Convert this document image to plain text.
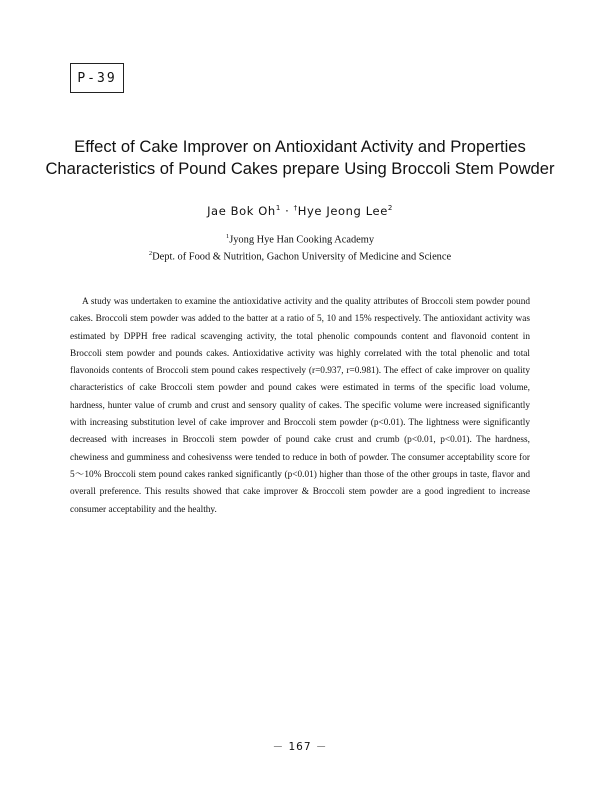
P-39
Effect of Cake Improver on Antioxidant Activity and Properties
Characteristics of Pound Cakes prepare Using Broccoli Stem Powder
Jae Bok $Oh^1 \cdot ^\dagger Hye$ Jeong Lee$^2$
$^1$Jyong Hye Han Cooking Academy
$^2$Dept. of Food & Nutrition, Gachon University of Medicine and Science

A study was undertaken to examine the antioxidative activity and the quality attributes of Broccoli stem powder pound cakes. Broccoli stem powder was added to the batter at a ratio of 5, 10 and 15% respectively. The antioxidant activity was estimated by DPPH free radical scavenging activity, the total phenolic compounds content and flavonoid content in Broccoli stem powder and pounds cakes. Antioxidative activity was highly correlated with the total phenolic and total flavonoids contents of Broccoli stem pound cakes respectively (r=0.937, r=0.981). The effect of cake improver on quality characteristics of cake Broccoli stem powder and pound cakes were estimated in terms of the specific load volume, hardness, hunter value of crumb and crust and sensory quality of cakes. The specific volume were increased significantly with increasing substitution level of cake improver and Broccoli stem powder (p<0.01). The lightness were significantly decreased with increases in Broccoli stem powder of pound cake crust and crumb (p<0.01, p<0.01). The hardness, chewiness and gumminess and cohesivenss were tended to reduce in both of powder. The consumer acceptability score for 5～10% Broccoli stem pound cakes ranked significantly (p<0.01) higher than those of the other groups in taste, flavor and overall preference. This results showed that cake improver & Broccoli stem powder are a good ingredient to increase consumer acceptability and the healthy.

－ 167 －
